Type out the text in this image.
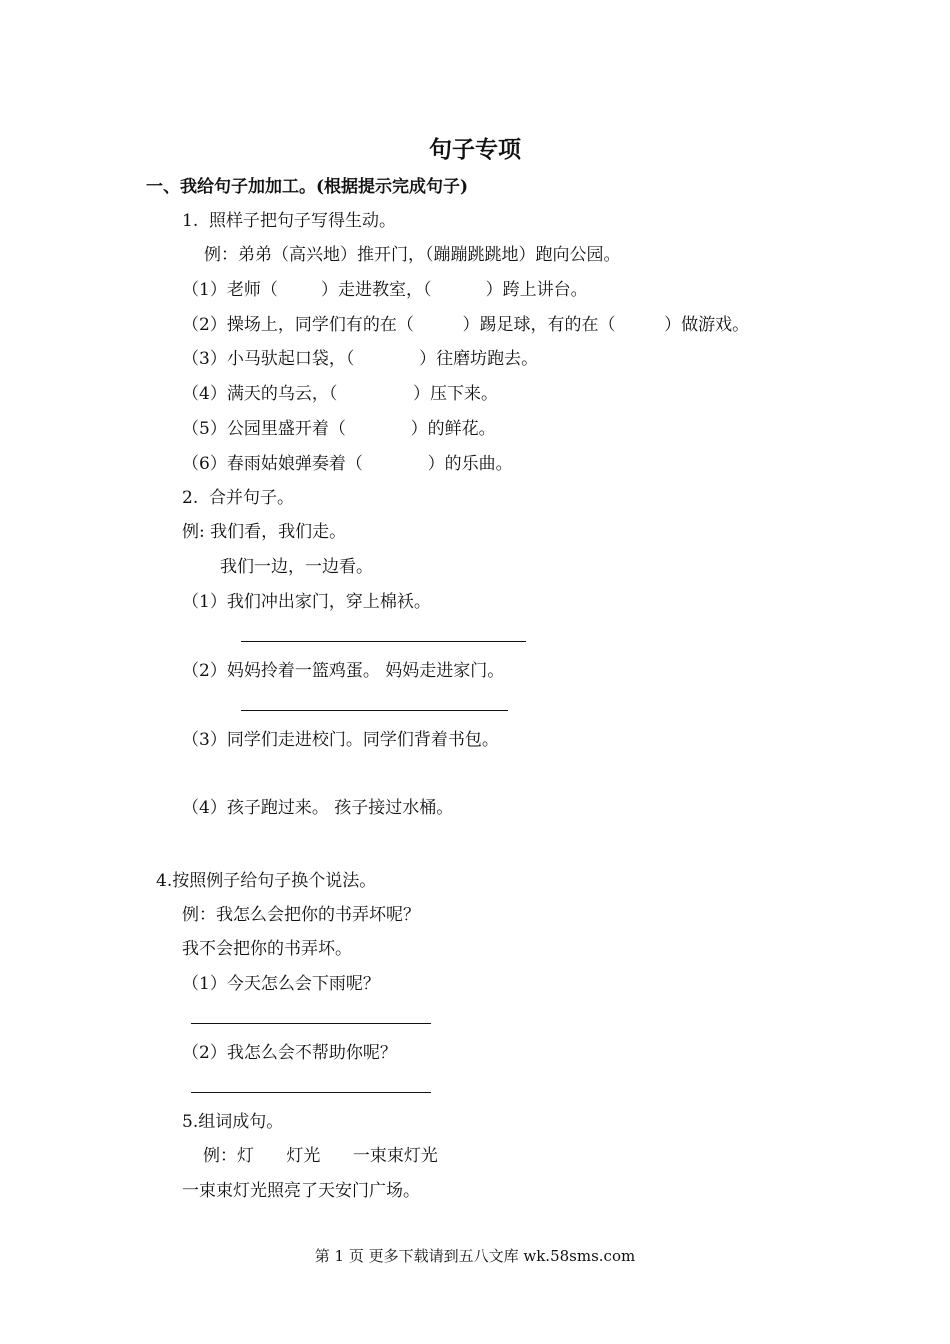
句子专项
一、我给句子加加工。(根据提示完成句子)
1.  照样子把句子写得生动。
例：弟弟（高兴地）推开门，（蹦蹦跳跳地）跑向公园。
（1）老师（        ）走进教室，（          ）跨上讲台。
（2）操场上，同学们有的在（         ）踢足球，有的在（         ）做游戏。
（3）小马驮起口袋，（            ）往磨坊跑去。
（4）满天的乌云，（              ）压下来。
（5）公园里盛开着（            ）的鲜花。
（6）春雨姑娘弹奏着（            ）的乐曲。
2.  合并句子。
例: 我们看，我们走。
我们一边，一边看。
（1）我们冲出家门，穿上棉袄。
（2）妈妈拎着一篮鸡蛋。 妈妈走进家门。
（3）同学们走进校门。同学们背着书包。
（4）孩子跑过来。 孩子接过水桶。
4.按照例子给句子换个说法。
例：我怎么会把你的书弄坏呢？
我不会把你的书弄坏。
（1）今天怎么会下雨呢？
（2）我怎么会不帮助你呢？
5.组词成句。
例：灯      灯光      一束束灯光
一束束灯光照亮了天安门广场。
第 1 页 更多下载请到五八文库 wk.58sms.com
